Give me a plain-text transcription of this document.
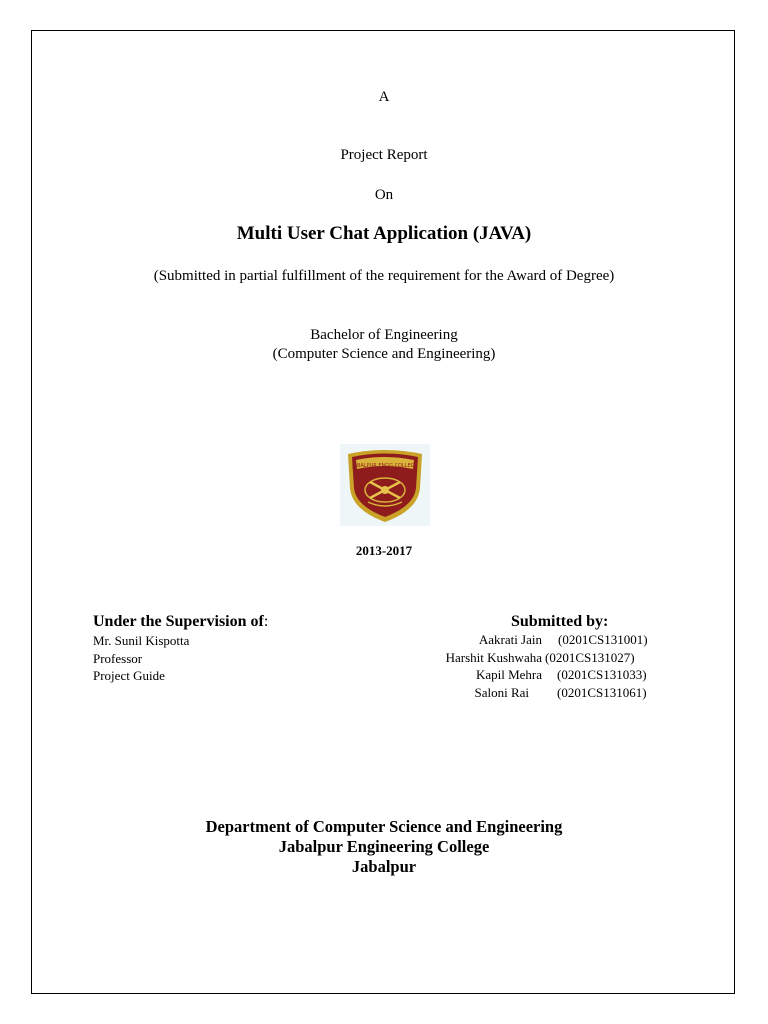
A
Project Report
On
Multi User Chat Application (JAVA)
(Submitted in partial fulfillment of the requirement for the Award of Degree)
Bachelor of Engineering
(Computer Science and Engineering)
JABALPUR ENGG COLLEGE
2013-2017
Under the Supervision of:
Mr. Sunil Kispotta
Professor
Project Guide
Submitted by:
Aakrati Jain	(0201CS131001)
Harshit Kushwaha (0201CS131027)
Kapil Mehra	(0201CS131033)
Saloni Rai	(0201CS131061)
Department of Computer Science and Engineering
Jabalpur Engineering College
Jabalpur
